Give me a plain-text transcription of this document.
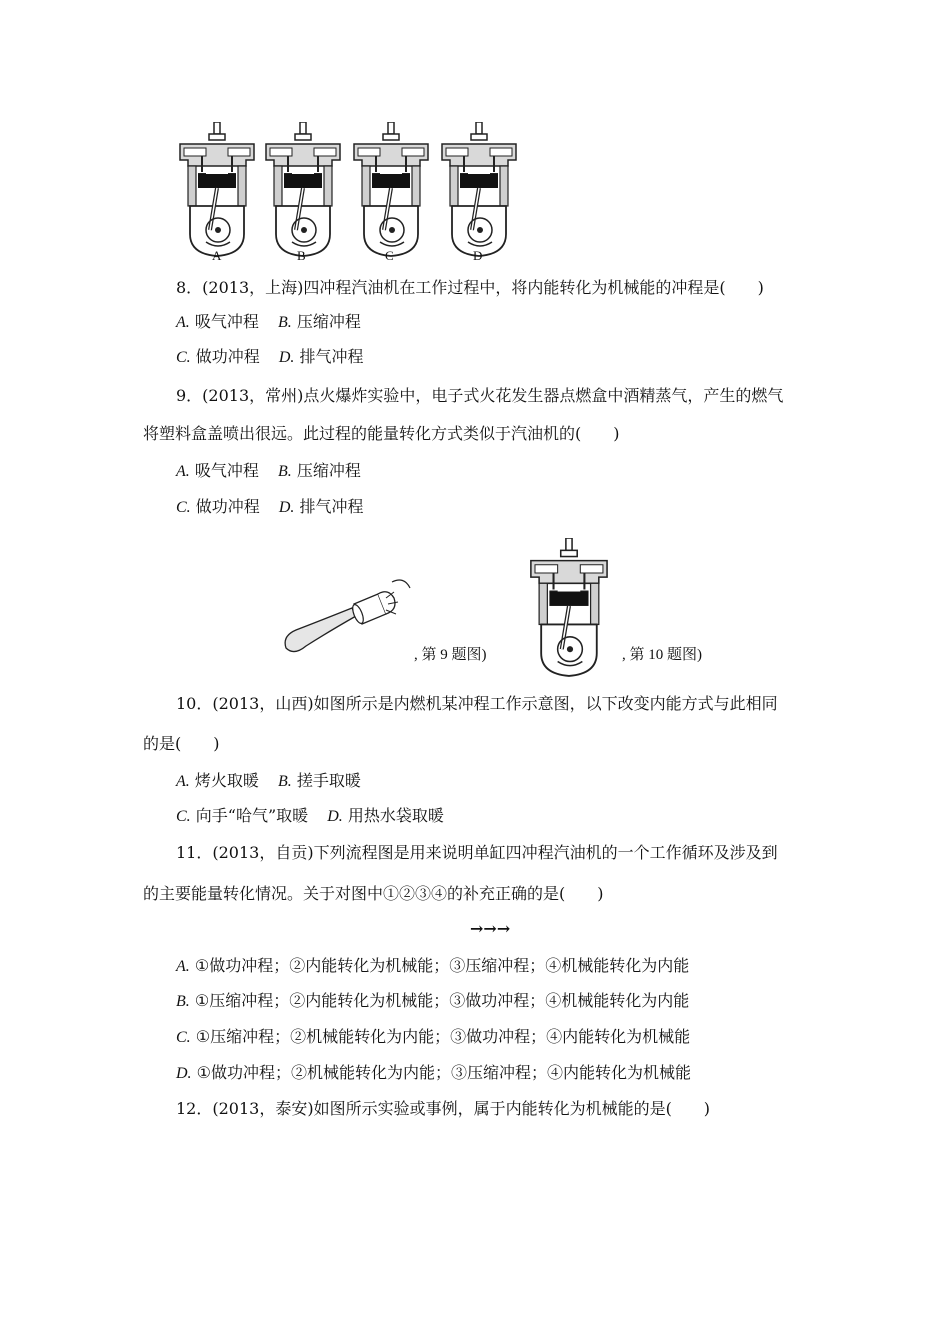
A	B	C	D
8．(2013，上海)四冲程汽油机在工作过程中，将内能转化为机械能的冲程是(　　)
A. 吸气冲程 B. 压缩冲程
C. 做功冲程 D. 排气冲程
9．(2013，常州)点火爆炸实验中，电子式火花发生器点燃盒中酒精蒸气，产生的燃气
将塑料盒盖喷出很远。此过程的能量转化方式类似于汽油机的(　　)
A. 吸气冲程 B. 压缩冲程
C. 做功冲程 D. 排气冲程
, 第 9 题图)	, 第 10 题图)
10．(2013，山西)如图所示是内燃机某冲程工作示意图，以下改变内能方式与此相同
的是(　　)
A. 烤火取暖 B. 搓手取暖
C. 向手“哈气”取暖 D. 用热水袋取暖
11．(2013，自贡)下列流程图是用来说明单缸四冲程汽油机的一个工作循环及涉及到
的主要能量转化情况。关于对图中①②③④的补充正确的是(　　)
→→→
A. ①做功冲程；②内能转化为机械能；③压缩冲程；④机械能转化为内能
B. ①压缩冲程；②内能转化为机械能；③做功冲程；④机械能转化为内能
C. ①压缩冲程；②机械能转化为内能；③做功冲程；④内能转化为机械能
D. ①做功冲程；②机械能转化为内能；③压缩冲程；④内能转化为机械能
12．(2013，泰安)如图所示实验或事例，属于内能转化为机械能的是(　　)
